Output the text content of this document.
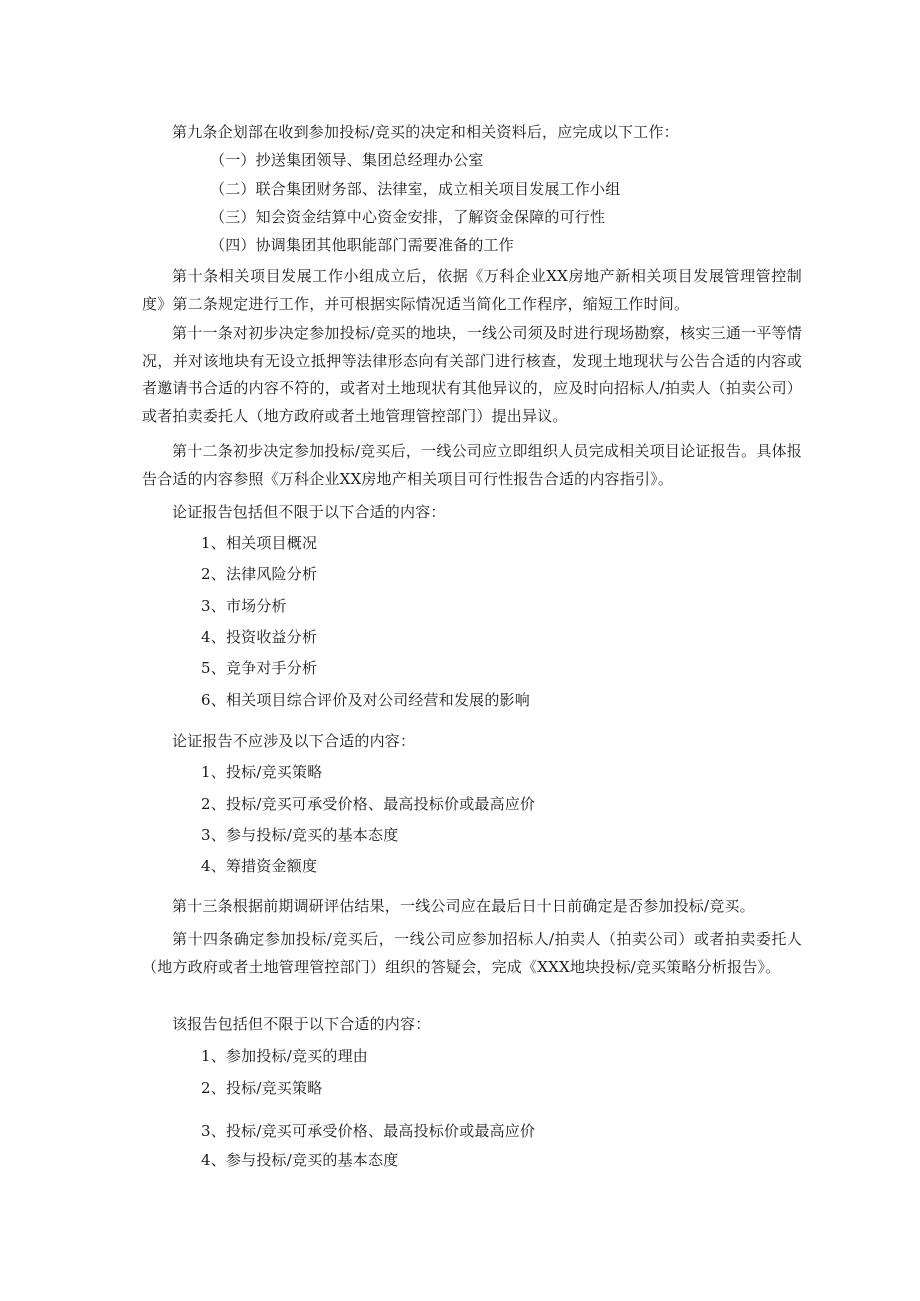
第九条企划部在收到参加投标/竞买的决定和相关资料后，应完成以下工作：
（一）抄送集团领导、集团总经理办公室
（二）联合集团财务部、法律室，成立相关项目发展工作小组
（三）知会资金结算中心资金安排，了解资金保障的可行性
（四）协调集团其他职能部门需要准备的工作
第十条相关项目发展工作小组成立后，依据《万科企业XX房地产新相关项目发展管理管控制度》第二条规定进行工作，并可根据实际情况适当简化工作程序，缩短工作时间。
第十一条对初步决定参加投标/竞买的地块，一线公司须及时进行现场勘察，核实三通一平等情况，并对该地块有无设立抵押等法律形态向有关部门进行核查，发现土地现状与公告合适的内容或者邀请书合适的内容不符的，或者对土地现状有其他异议的，应及时向招标人/拍卖人（拍卖公司）或者拍卖委托人（地方政府或者土地管理管控部门）提出异议。
第十二条初步决定参加投标/竞买后，一线公司应立即组织人员完成相关项目论证报告。具体报告合适的内容参照《万科企业XX房地产相关项目可行性报告合适的内容指引》。
论证报告包括但不限于以下合适的内容：
1、相关项目概况
2、法律风险分析
3、市场分析
4、投资收益分析
5、竞争对手分析
6、相关项目综合评价及对公司经营和发展的影响
论证报告不应涉及以下合适的内容：
1、投标/竞买策略
2、投标/竞买可承受价格、最高投标价或最高应价
3、参与投标/竞买的基本态度
4、筹措资金额度
第十三条根据前期调研评估结果，一线公司应在最后日十日前确定是否参加投标/竞买。
第十四条确定参加投标/竞买后，一线公司应参加招标人/拍卖人（拍卖公司）或者拍卖委托人（地方政府或者土地管理管控部门）组织的答疑会，完成《XXX地块投标/竞买策略分析报告》。
该报告包括但不限于以下合适的内容：
1、参加投标/竞买的理由
2、投标/竞买策略
3、投标/竞买可承受价格、最高投标价或最高应价
4、参与投标/竞买的基本态度
